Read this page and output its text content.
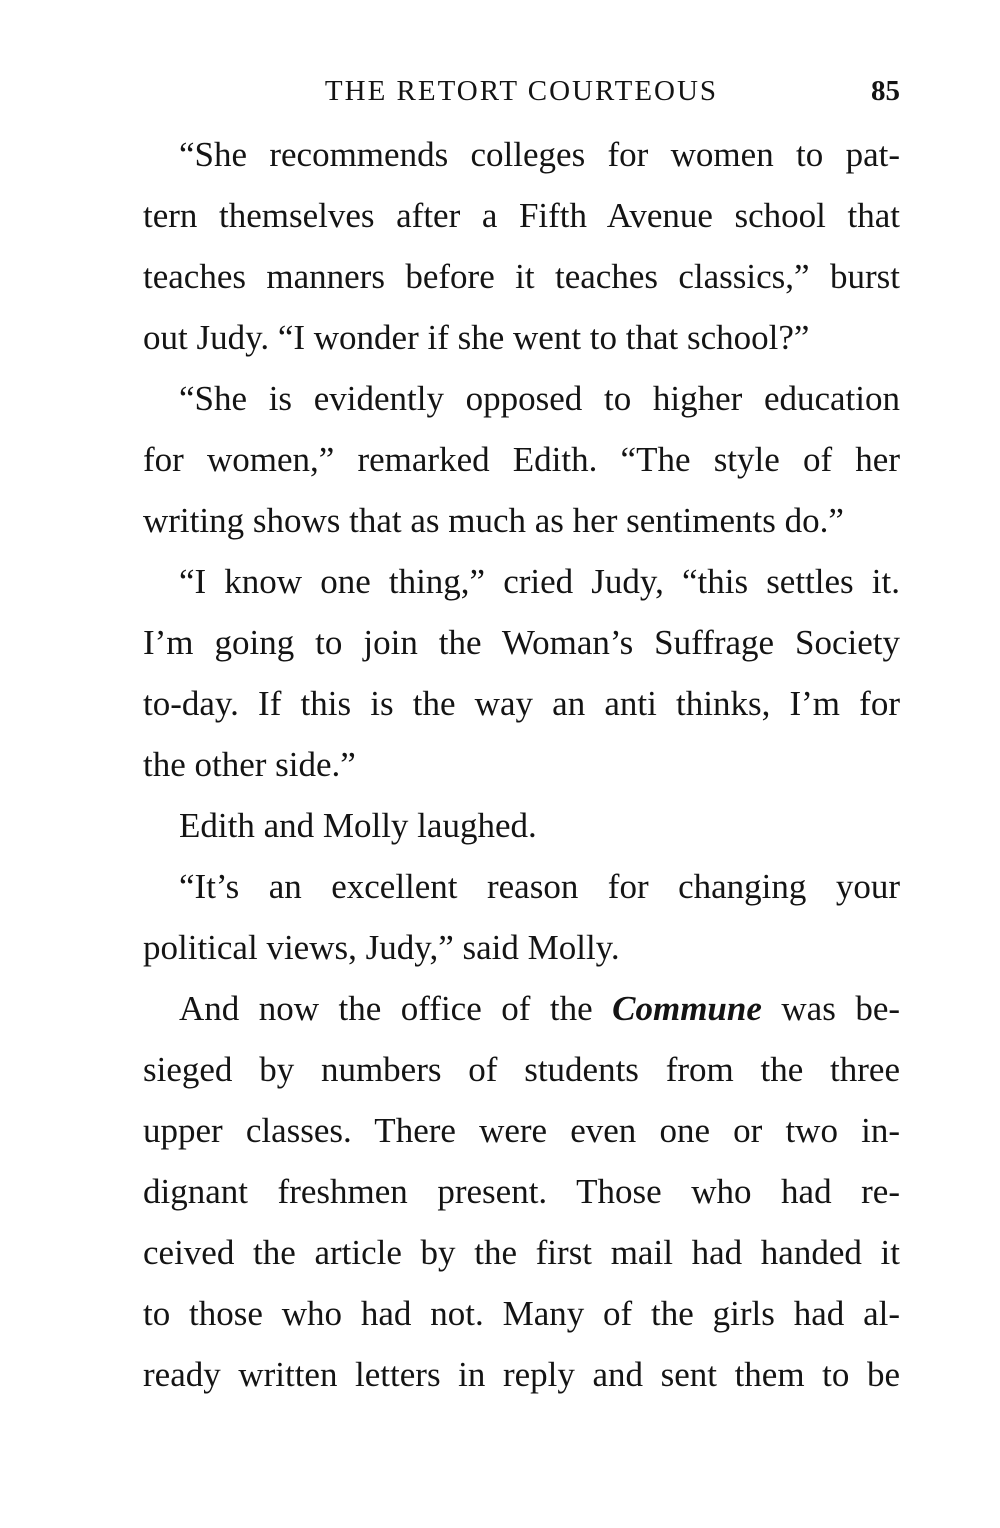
THE RETORT COURTEOUS	85
“She recommends colleges for women to pat-
tern themselves after a Fifth Avenue school that
teaches manners before it teaches classics,” burst
out Judy. “I wonder if she went to that school?”
“She is evidently opposed to higher education
for women,” remarked Edith. “The style of her
writing shows that as much as her sentiments do.”
“I know one thing,” cried Judy, “this settles it.
I’m going to join the Woman’s Suffrage Society
to-day. If this is the way an anti thinks, I’m for
the other side.”
Edith and Molly laughed.
“It’s an excellent reason for changing your
political views, Judy,” said Molly.
And now the office of the Commune was be-
sieged by numbers of students from the three
upper classes. There were even one or two in-
dignant freshmen present. Those who had re-
ceived the article by the first mail had handed it
to those who had not. Many of the girls had al-
ready written letters in reply and sent them to be
